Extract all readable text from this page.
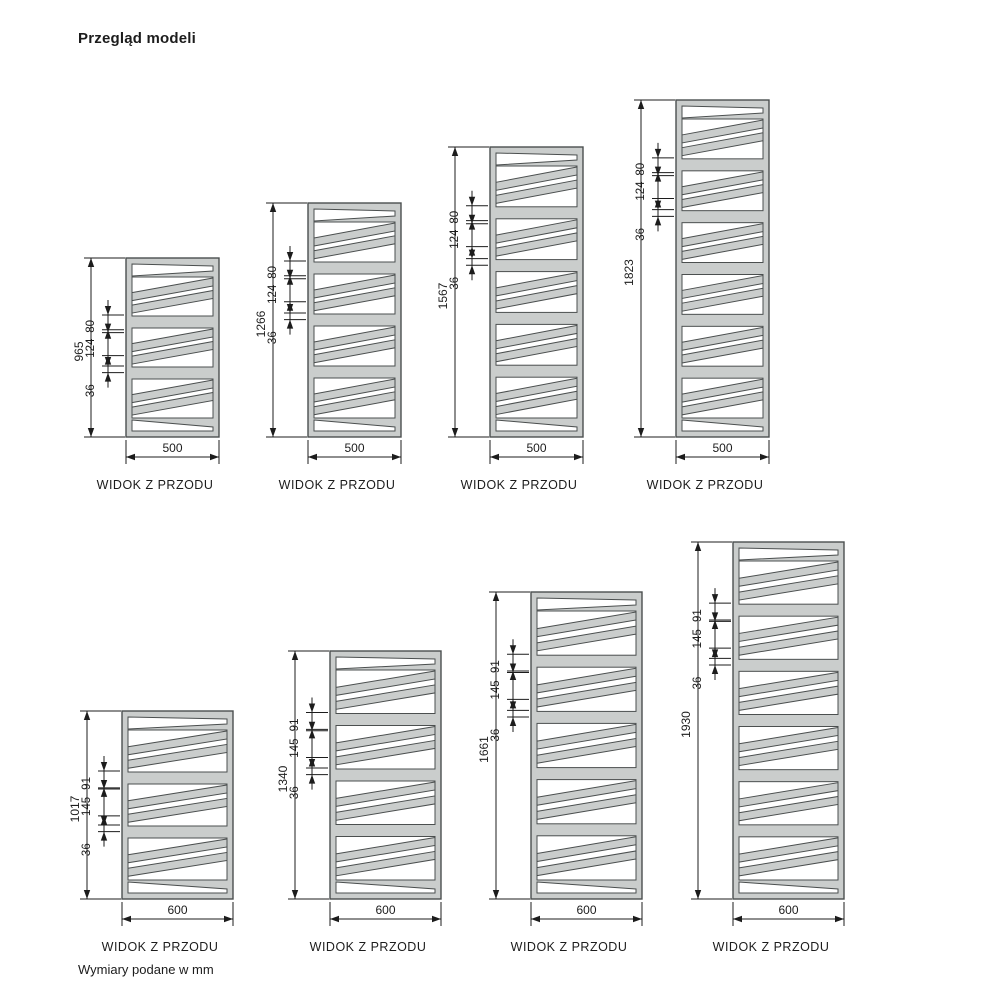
Przegląd modeli
965
80
124
36
500
WIDOK Z PRZODU
1266
80
124
36
500
WIDOK Z PRZODU
1567
80
124
36
500
WIDOK Z PRZODU
1823
80
124
36
500
WIDOK Z PRZODU
1017
91
145
36
600
WIDOK Z PRZODU
1340
91
145
36
600
WIDOK Z PRZODU
1661
91
145
36
600
WIDOK Z PRZODU
1930
91
145
36
600
WIDOK Z PRZODU
Wymiary podane w mm
